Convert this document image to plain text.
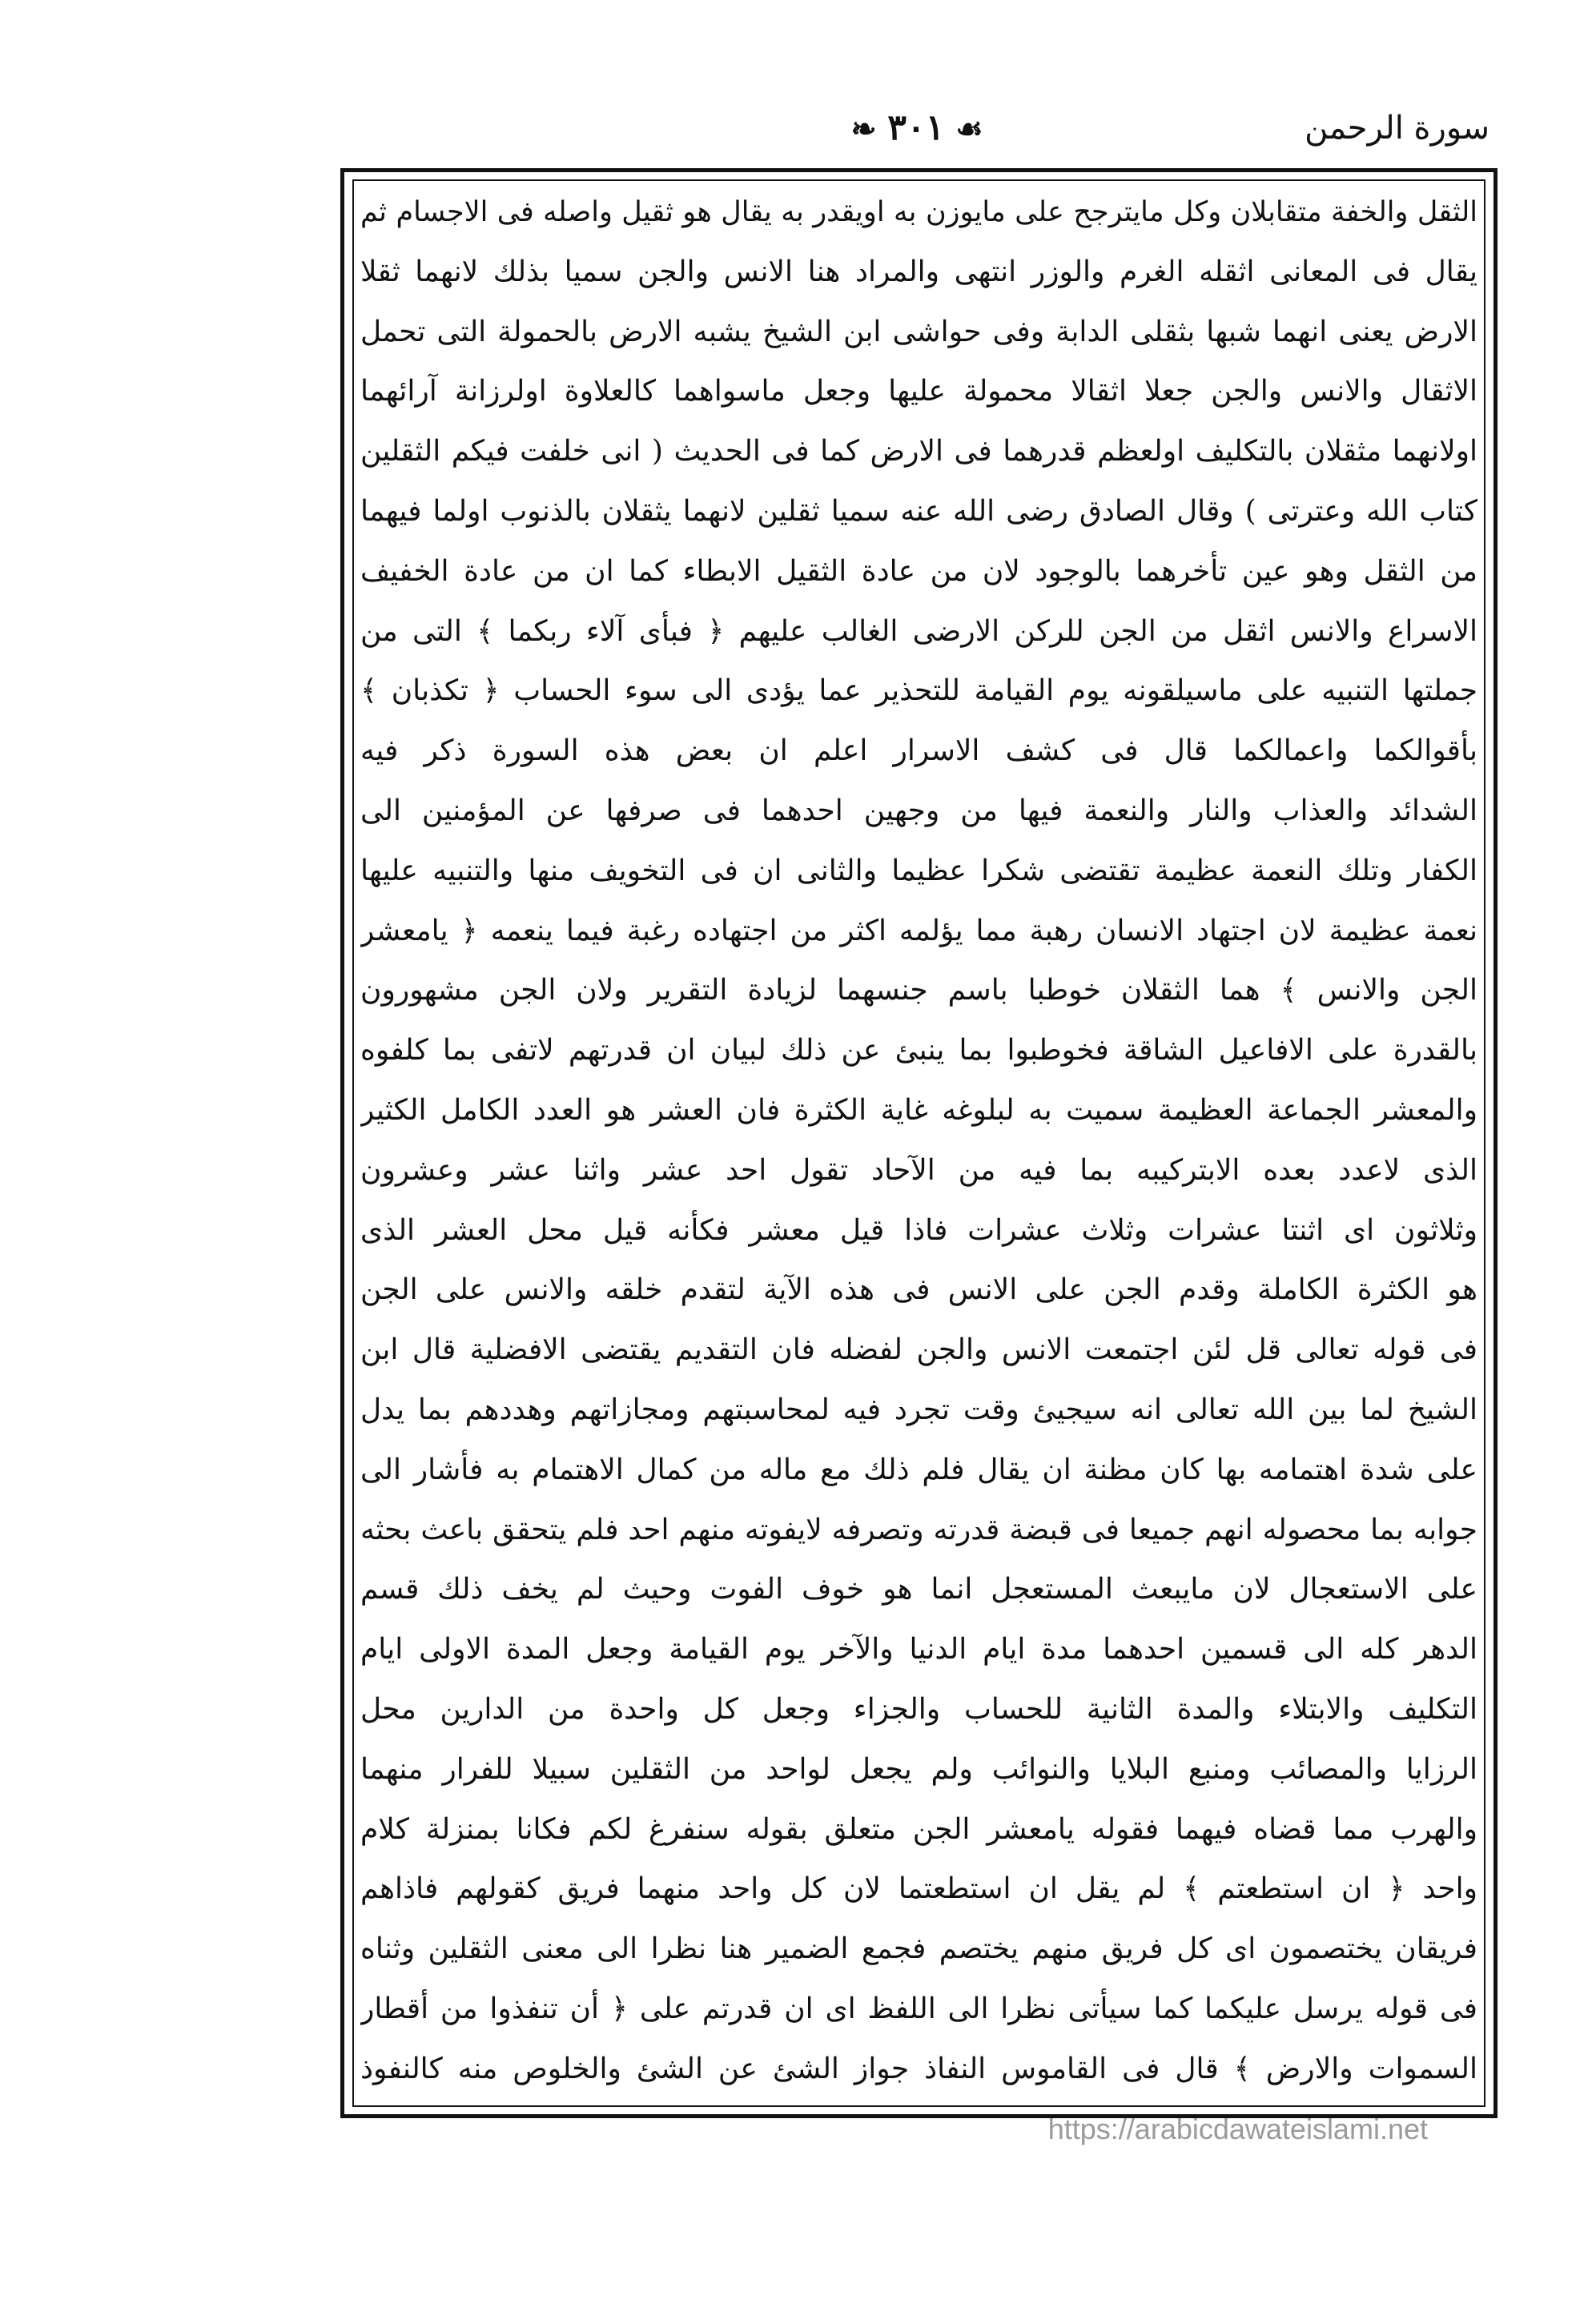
سورة الرحمن
☙٣٠١❧
الثقل والخفة متقابلان وكل مايترجح على مايوزن به اويقدر به يقال هو ثقيل واصله فى الاجسام ثم
يقال فى المعانى اثقله الغرم والوزر انتهى والمراد هنا الانس والجن سميا بذلك لانهما ثقلا
الارض يعنى انهما شبها بثقلى الدابة وفى حواشى ابن الشيخ يشبه الارض بالحمولة التى تحمل
الاثقال والانس والجن جعلا اثقالا محمولة عليها وجعل ماسواهما كالعلاوة اولرزانة آرائهما
اولانهما مثقلان بالتكليف اولعظم قدرهما فى الارض كما فى الحديث ( انى خلفت فيكم الثقلين
كتاب الله وعترتى ) وقال الصادق رضى الله عنه سميا ثقلين لانهما يثقلان بالذنوب اولما فيهما
من الثقل وهو عين تأخرهما بالوجود لان من عادة الثقيل الابطاء كما ان من عادة الخفيف
الاسراع والانس اثقل من الجن للركن الارضى الغالب عليهم ﴿ فبأى آلاء ربكما ﴾ التى من
جملتها التنبيه على ماسيلقونه يوم القيامة للتحذير عما يؤدى الى سوء الحساب ﴿ تكذبان ﴾
بأقوالكما واعمالكما قال فى كشف الاسرار اعلم ان بعض هذه السورة ذكر فيه
الشدائد والعذاب والنار والنعمة فيها من وجهين احدهما فى صرفها عن المؤمنين الى
الكفار وتلك النعمة عظيمة تقتضى شكرا عظيما والثانى ان فى التخويف منها والتنبيه عليها
نعمة عظيمة لان اجتهاد الانسان رهبة مما يؤلمه اكثر من اجتهاده رغبة فيما ينعمه ﴿ يامعشر
الجن والانس ﴾ هما الثقلان خوطبا باسم جنسهما لزيادة التقرير ولان الجن مشهورون
بالقدرة على الافاعيل الشاقة فخوطبوا بما ينبئ عن ذلك لبيان ان قدرتهم لاتفى بما كلفوه
والمعشر الجماعة العظيمة سميت به لبلوغه غاية الكثرة فان العشر هو العدد الكامل الكثير
الذى لاعدد بعده الابتركيبه بما فيه من الآحاد تقول احد عشر واثنا عشر وعشرون
وثلاثون اى اثنتا عشرات وثلاث عشرات فاذا قيل معشر فكأنه قيل محل العشر الذى
هو الكثرة الكاملة وقدم الجن على الانس فى هذه الآية لتقدم خلقه والانس على الجن
فى قوله تعالى قل لئن اجتمعت الانس والجن لفضله فان التقديم يقتضى الافضلية قال ابن
الشيخ لما بين الله تعالى انه سيجيئ وقت تجرد فيه لمحاسبتهم ومجازاتهم وهددهم بما يدل
على شدة اهتمامه بها كان مظنة ان يقال فلم ذلك مع ماله من كمال الاهتمام به فأشار الى
جوابه بما محصوله انهم جميعا فى قبضة قدرته وتصرفه لايفوته منهم احد فلم يتحقق باعث بحثه
على الاستعجال لان مايبعث المستعجل انما هو خوف الفوت وحيث لم يخف ذلك قسم
الدهر كله الى قسمين احدهما مدة ايام الدنيا والآخر يوم القيامة وجعل المدة الاولى ايام
التكليف والابتلاء والمدة الثانية للحساب والجزاء وجعل كل واحدة من الدارين محل
الرزايا والمصائب ومنبع البلايا والنوائب ولم يجعل لواحد من الثقلين سبيلا للفرار منهما
والهرب مما قضاه فيهما فقوله يامعشر الجن متعلق بقوله سنفرغ لكم فكانا بمنزلة كلام
واحد ﴿ ان استطعتم ﴾ لم يقل ان استطعتما لان كل واحد منهما فريق كقولهم فاذاهم
فريقان يختصمون اى كل فريق منهم يختصم فجمع الضمير هنا نظرا الى معنى الثقلين وثناه
فى قوله يرسل عليكما كما سيأتى نظرا الى اللفظ اى ان قدرتم على ﴿ أن تنفذوا من أقطار
السموات والارض ﴾ قال فى القاموس النفاذ جواز الشئ عن الشئ والخلوص منه كالنفوذ
https://arabicdawateislami.net
